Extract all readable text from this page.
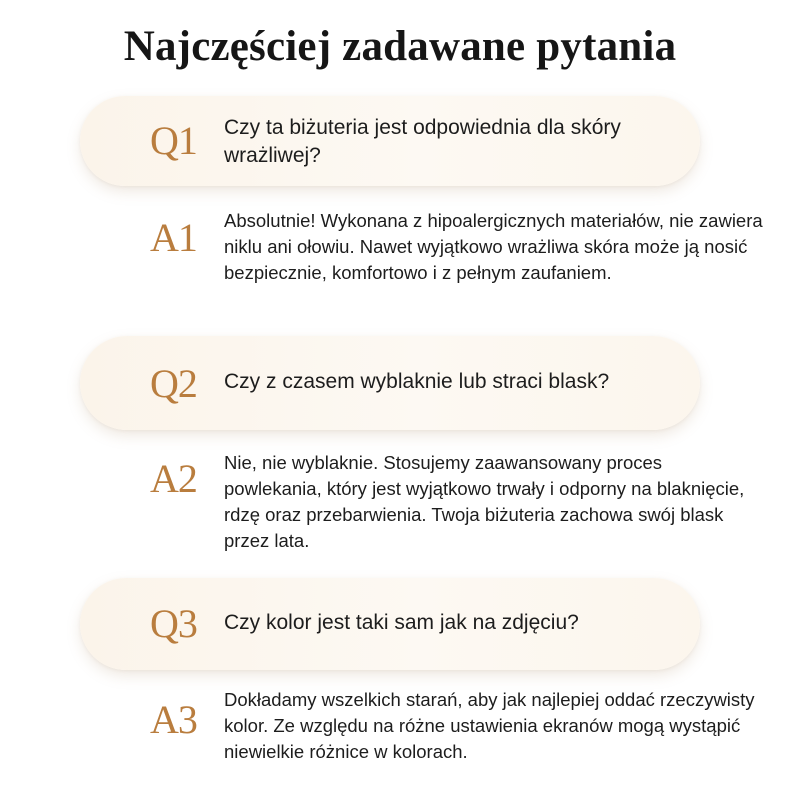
Najczęściej zadawane pytania
Q1 Czy ta biżuteria jest odpowiednia dla skóry wrażliwej?
A1 Absolutnie! Wykonana z hipoalergicznych materiałów, nie zawiera niklu ani ołowiu. Nawet wyjątkowo wrażliwa skóra może ją nosić bezpiecznie, komfortowo i z pełnym zaufaniem.
Q2 Czy z czasem wyblaknie lub straci blask?
A2 Nie, nie wyblaknie. Stosujemy zaawansowany proces powlekania, który jest wyjątkowo trwały i odporny na blaknięcie, rdzę oraz przebarwienia. Twoja biżuteria zachowa swój blask przez lata.
Q3 Czy kolor jest taki sam jak na zdjęciu?
A3 Dokładamy wszelkich starań, aby jak najlepiej oddać rzeczywisty kolor. Ze względu na różne ustawienia ekranów mogą wystąpić niewielkie różnice w kolorach.
